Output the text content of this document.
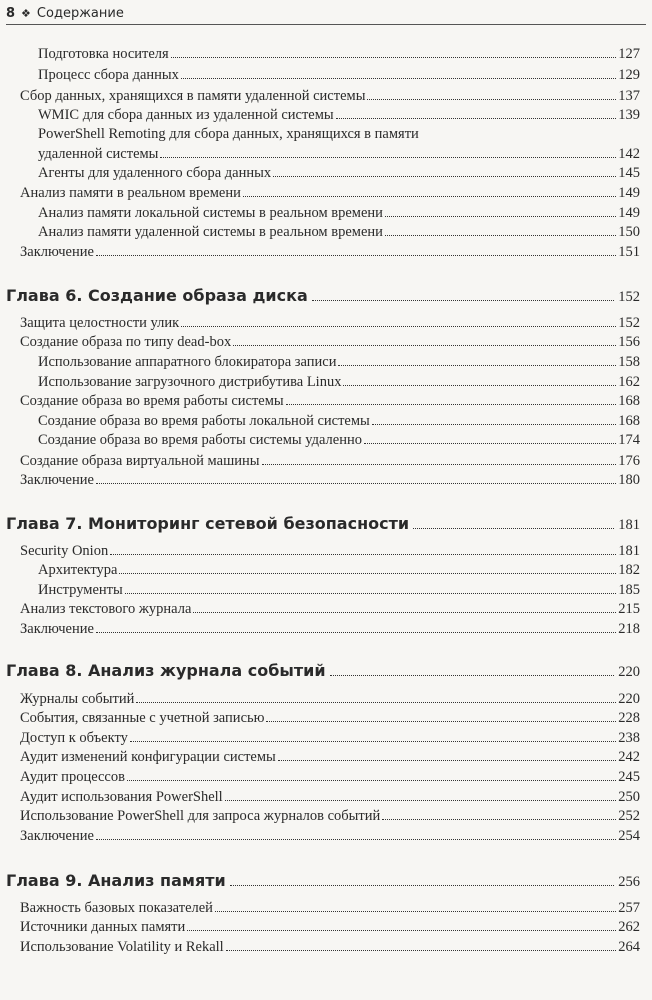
8 ❖ Содержание
Подготовка носителя	127
Процесс сбора данных	129
Сбор данных, хранящихся в памяти удаленной системы	137
WMIC для сбора данных из удаленной системы	139
PowerShell Remoting для сбора данных, хранящихся в памяти
удаленной системы	142
Агенты для удаленного сбора данных	145
Анализ памяти в реальном времени	149
Анализ памяти локальной системы в реальном времени	149
Анализ памяти удаленной системы в реальном времени	150
Заключение	151
Глава 6. Создание образа диска	152
Защита целостности улик	152
Создание образа по типу dead-box	156
Использование аппаратного блокиратора записи	158
Использование загрузочного дистрибутива Linux	162
Создание образа во время работы системы	168
Создание образа во время работы локальной системы	168
Создание образа во время работы системы удаленно	174
Создание образа виртуальной машины	176
Заключение	180
Глава 7. Мониторинг сетевой безопасности	181
Security Onion	181
Архитектура	182
Инструменты	185
Анализ текстового журнала	215
Заключение	218
Глава 8. Анализ журнала событий	220
Журналы событий	220
События, связанные с учетной записью	228
Доступ к объекту	238
Аудит изменений конфигурации системы	242
Аудит процессов	245
Аудит использования PowerShell	250
Использование PowerShell для запроса журналов событий	252
Заключение	254
Глава 9. Анализ памяти	256
Важность базовых показателей	257
Источники данных памяти	262
Использование Volatility и Rekall	264
